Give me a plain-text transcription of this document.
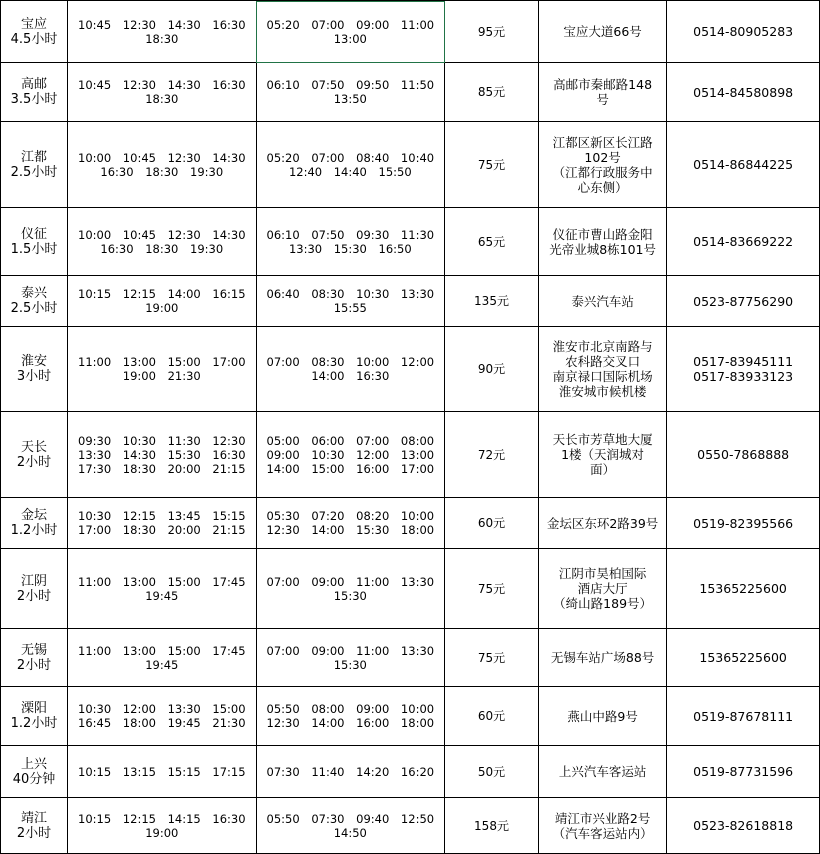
宝应
4.5小时	10:45 12:30 14:30 16:30
18:30	05:20 07:00 09:00 11:00
13:00	95元	宝应大道66号	0514-80905283

高邮
3.5小时	10:45 12:30 14:30 16:30
18:30	06:10 07:50 09:50 11:50
13:50	85元	高邮市秦邮路148
号	0514-84580898

江都
2.5小时	10:00 10:45 12:30 14:30
16:30 18:30 19:30	05:20 07:00 08:40 10:40
12:40 14:40 15:50	75元	江都区新区长江路
102号
（江都行政服务中
心东侧）	0514-86844225

仪征
1.5小时	10:00 10:45 12:30 14:30
16:30 18:30 19:30	06:10 07:50 09:30 11:30
13:30 15:30 16:50	65元	仪征市曹山路金阳
光帝业城8栋101号	0514-83669222

泰兴
2.5小时	10:15 12:15 14:00 16:15
19:00	06:40 08:30 10:30 13:30
15:55	135元	泰兴汽车站	0523-87756290

淮安
3小时	11:00 13:00 15:00 17:00
19:00 21:30	07:00 08:30 10:00 12:00
14:00 16:30	90元	淮安市北京南路与
农科路交叉口
南京禄口国际机场
淮安城市候机楼	0517-83945111
0517-83933123

天长
2小时	09:30 10:30 11:30 12:30
13:30 14:30 15:30 16:30
17:30 18:30 20:00 21:15	05:00 06:00 07:00 08:00
09:00 10:30 12:00 13:00
14:00 15:00 16:00 17:00	72元	天长市芳草地大厦
1楼（天润城对
面）	0550-7868888

金坛
1.2小时	10:30 12:15 13:45 15:15
17:00 18:30 20:00 21:15	05:30 07:20 08:20 10:00
12:30 14:00 15:30 18:00	60元	金坛区东环2路39号	0519-82395566

江阴
2小时	11:00 13:00 15:00 17:45
19:45	07:00 09:00 11:00 13:30
15:30	75元	江阴市昊柏国际
酒店大厅
（绮山路189号）	15365225600

无锡
2小时	11:00 13:00 15:00 17:45
19:45	07:00 09:00 11:00 13:30
15:30	75元	无锡车站广场88号	15365225600

溧阳
1.2小时	10:30 12:00 13:30 15:00
16:45 18:00 19:45 21:30	05:50 08:00 09:00 10:00
12:30 14:00 16:00 18:00	60元	燕山中路9号	0519-87678111

上兴
40分钟	10:15 13:15 15:15 17:15	07:30 11:40 14:20 16:20	50元	上兴汽车客运站	0519-87731596

靖江
2小时	10:15 12:15 14:15 16:30
19:00	05:50 07:30 09:40 12:50
14:50	158元	靖江市兴业路2号
（汽车客运站内）	0523-82618818
